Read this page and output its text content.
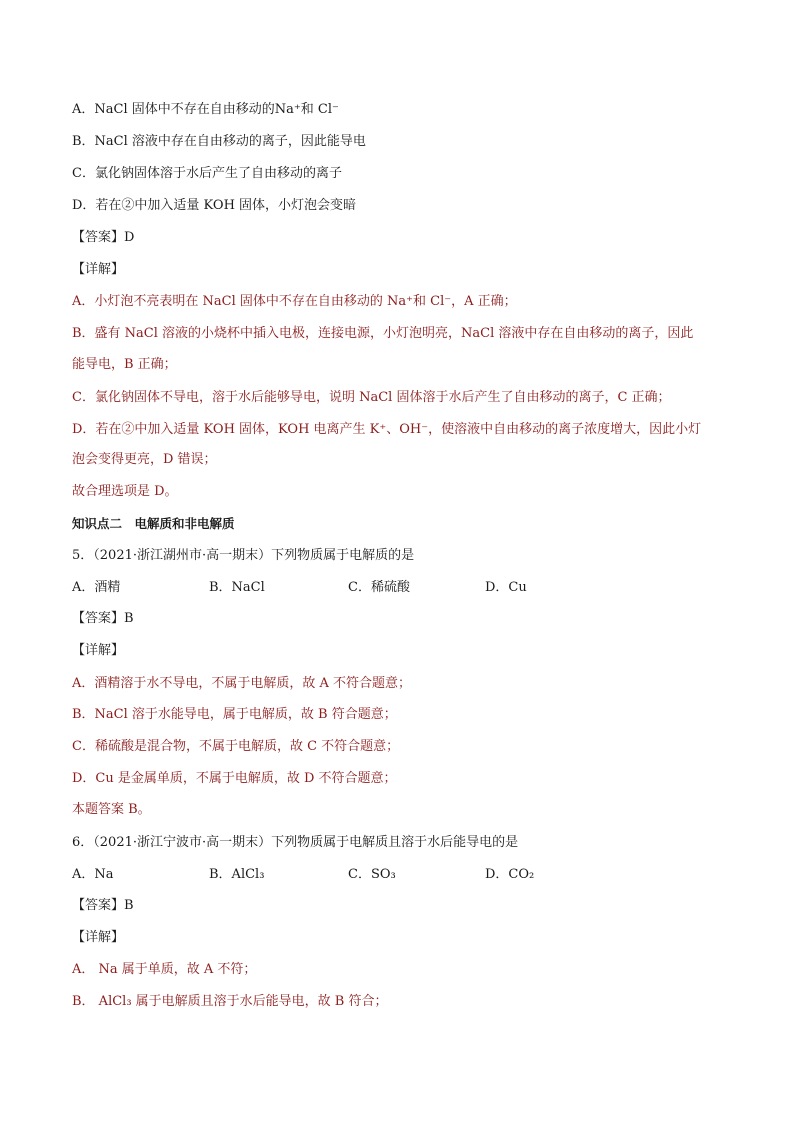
A．NaCl 固体中不存在自由移动的Na⁺和 Cl⁻
B．NaCl 溶液中存在自由移动的离子，因此能导电
C．氯化钠固体溶于水后产生了自由移动的离子
D．若在②中加入适量 KOH 固体，小灯泡会变暗
【答案】D
【详解】
A．小灯泡不亮表明在 NaCl 固体中不存在自由移动的 Na⁺和 Cl⁻，A 正确；
B．盛有 NaCl 溶液的小烧杯中插入电极，连接电源，小灯泡明亮，NaCl 溶液中存在自由移动的离子，因此
能导电，B 正确；
C．氯化钠固体不导电，溶于水后能够导电，说明 NaCl 固体溶于水后产生了自由移动的离子，C 正确；
D．若在②中加入适量 KOH 固体，KOH 电离产生 K⁺、OH⁻，使溶液中自由移动的离子浓度增大，因此小灯
泡会变得更亮，D 错误；
故合理选项是 D。
知识点二　电解质和非电解质
5．（2021·浙江湖州市·高一期末）下列物质属于电解质的是
A．酒精	B．NaCl	C．稀硫酸	D．Cu
【答案】B
【详解】
A．酒精溶于水不导电，不属于电解质，故 A 不符合题意；
B．NaCl 溶于水能导电，属于电解质，故 B 符合题意；
C．稀硫酸是混合物，不属于电解质，故 C 不符合题意；
D．Cu 是金属单质，不属于电解质，故 D 不符合题意；
本题答案 B。
6．（2021·浙江宁波市·高一期末）下列物质属于电解质且溶于水后能导电的是
A．Na	B．AlCl₃	C．SO₃	D．CO₂
【答案】B
【详解】
A． Na 属于单质，故 A 不符；
B． AlCl₃ 属于电解质且溶于水后能导电，故 B 符合；
